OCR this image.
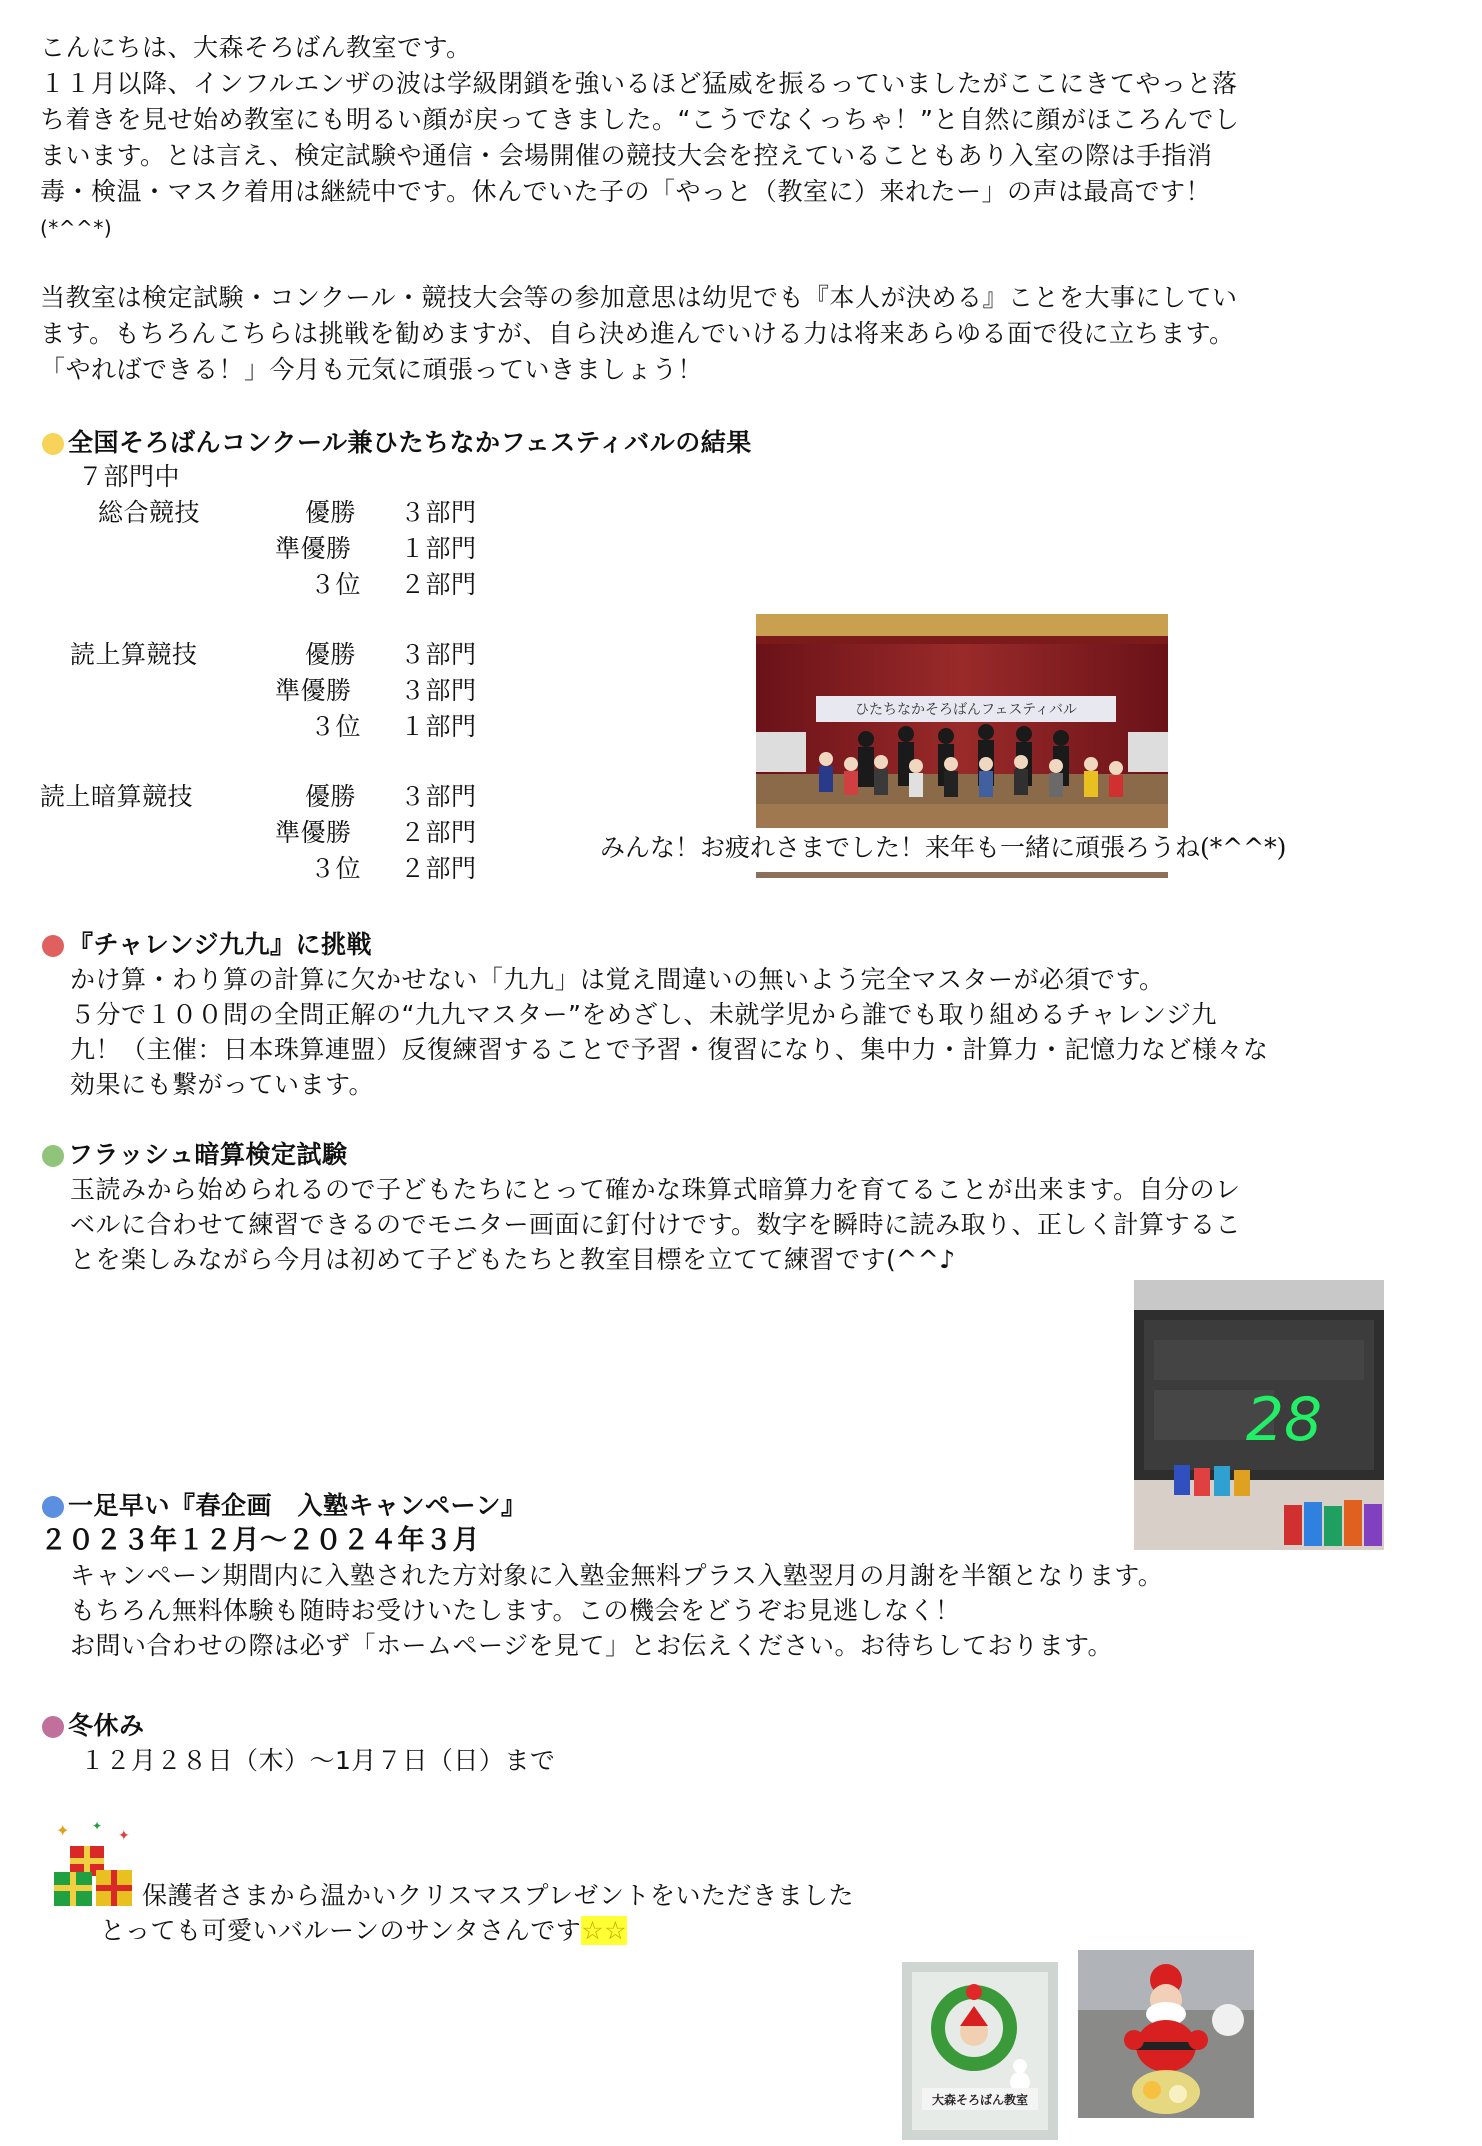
こんにちは、大森そろばん教室です。
１１月以降、インフルエンザの波は学級閉鎖を強いるほど猛威を振るっていましたがここにきてやっと落
ち着きを見せ始め教室にも明るい顔が戻ってきました。“こうでなくっちゃ！”と自然に顔がほころんでし
まいます。とは言え、検定試験や通信・会場開催の競技大会を控えていることもあり入室の際は手指消
毒・検温・マスク着用は継続中です。休んでいた子の「やっと（教室に）来れたー」の声は最高です！
(*^^*)
当教室は検定試験・コンクール・競技大会等の参加意思は幼児でも『本人が決める』ことを大事にしてい
ます。もちろんこちらは挑戦を勧めますが、自ら決め進んでいける力は将来あらゆる面で役に立ちます。
「やればできる！」今月も元気に頑張っていきましょう！
全国そろばんコンクール兼ひたちなかフェスティバルの結果
７部門中
総合競技	優勝 ３部門
準優勝 １部門
３位 ２部門
読上算競技	優勝 ３部門
準優勝 ３部門
３位 １部門
読上暗算競技	優勝 ３部門
準優勝 ２部門
３位 ２部門
ひたちなかそろばんフェスティバル
みんな！お疲れさまでした！来年も一緒に頑張ろうね(*^^*)
『チャレンジ九九』に挑戦
かけ算・わり算の計算に欠かせない「九九」は覚え間違いの無いよう完全マスターが必須です。
５分で１００問の全問正解の“九九マスター”をめざし、未就学児から誰でも取り組めるチャレンジ九
九！（主催：日本珠算連盟）反復練習することで予習・復習になり、集中力・計算力・記憶力など様々な
効果にも繋がっています。
フラッシュ暗算検定試験
玉読みから始められるので子どもたちにとって確かな珠算式暗算力を育てることが出来ます。自分のレ
ベルに合わせて練習できるのでモニター画面に釘付けです。数字を瞬時に読み取り、正しく計算するこ
とを楽しみながら今月は初めて子どもたちと教室目標を立てて練習です(^^♪
28
一足早い『春企画　入塾キャンペーン』
２０２３年１２月～２０２４年３月
キャンペーン期間内に入塾された方対象に入塾金無料プラス入塾翌月の月謝を半額となります。
もちろん無料体験も随時お受けいたします。この機会をどうぞお見逃しなく！
お問い合わせの際は必ず「ホームページを見て」とお伝えください。お待ちしております。
冬休み
１２月２８日（木）～1月７日（日）まで
✦	✦
✦
保護者さまから温かいクリスマスプレゼントをいただきました
とっても可愛いバルーンのサンタさんです☆☆
大森そろばん教室
